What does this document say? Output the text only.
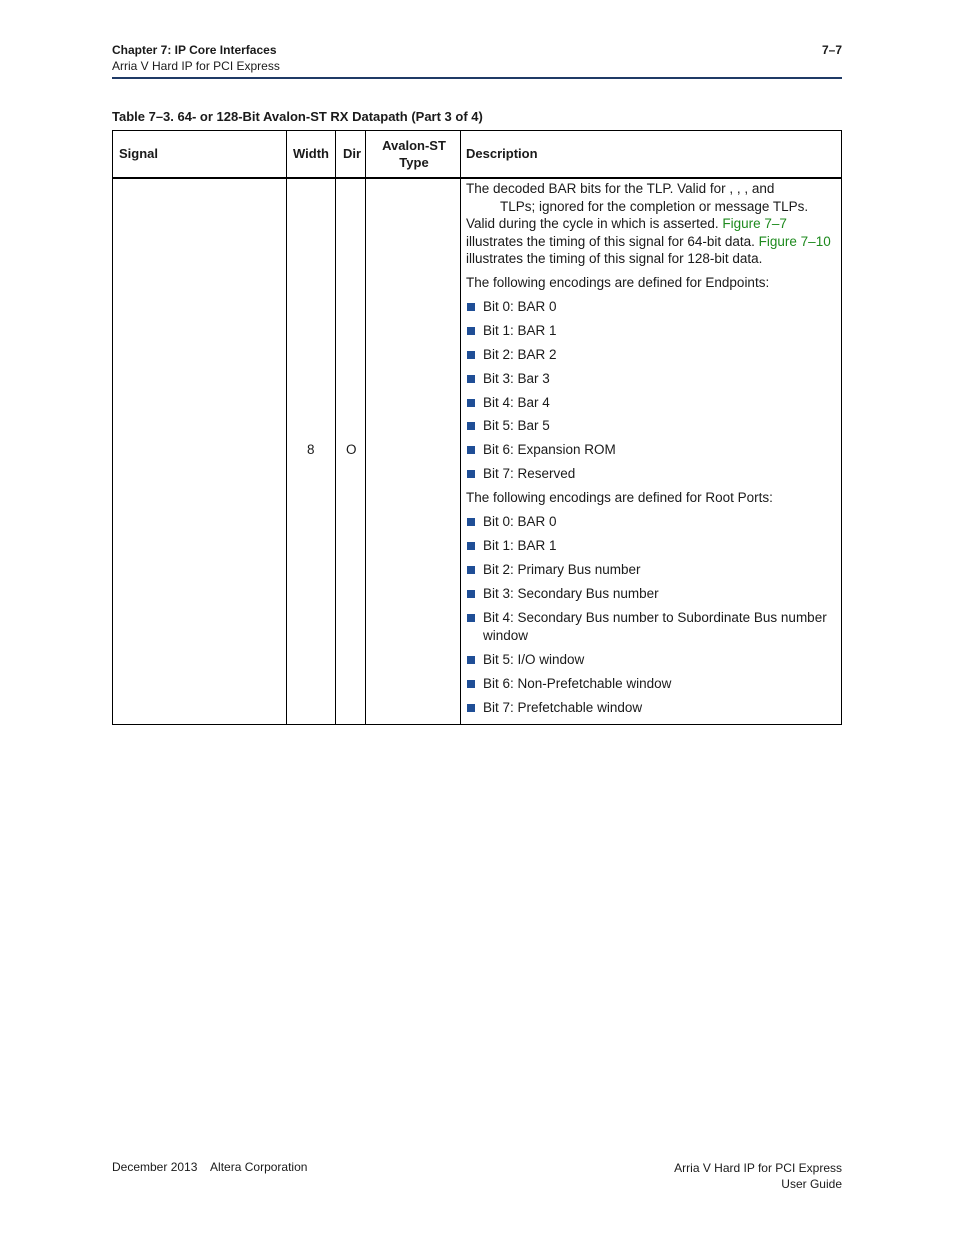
Chapter 7: IP Core Interfaces
Arria V Hard IP for PCI Express
7–7
Table 7–3. 64- or 128-Bit Avalon-ST RX Datapath (Part 3 of 4)
Signal	Width Dir
Avalon-ST
Type
Description
8 O

The decoded BAR bits for the TLP. Valid for , , , and
TLPs; ignored for the completion or message TLPs. Valid during the cycle in which is asserted. Figure 7–7 illustrates the timing of this signal for 64-bit data. Figure 7–10 illustrates the timing of this signal for 128-bit data.

The following encodings are defined for Endpoints:

Bit 0: BAR 0
Bit 1: BAR 1
Bit 2: BAR 2
Bit 3: Bar 3
Bit 4: Bar 4
Bit 5: Bar 5
Bit 6: Expansion ROM
Bit 7: Reserved

The following encodings are defined for Root Ports:

Bit 0: BAR 0
Bit 1: BAR 1
Bit 2: Primary Bus number
Bit 3: Secondary Bus number
Bit 4: Secondary Bus number to Subordinate Bus number window
Bit 5: I/O window
Bit 6: Non-Prefetchable window
Bit 7: Prefetchable window
December 2013    Altera Corporation	Arria V Hard IP for PCI Express
User Guide
